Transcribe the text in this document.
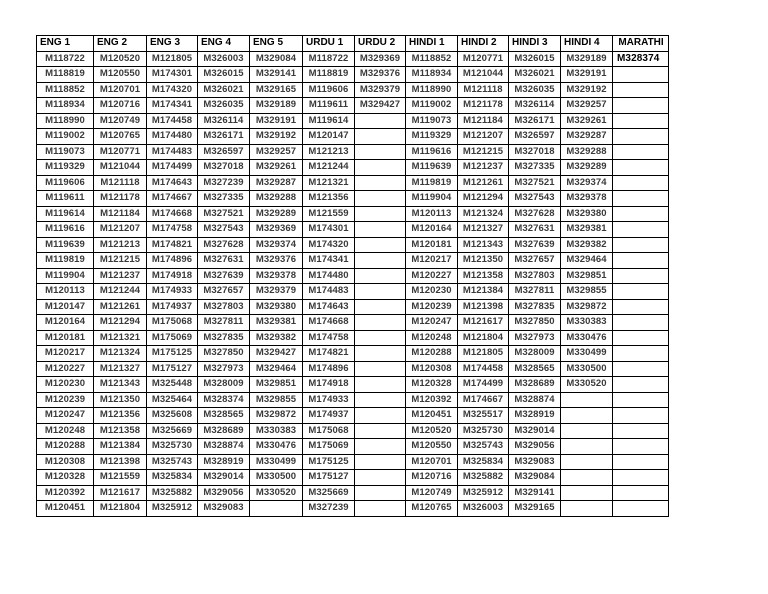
ENG 1	ENG 2	ENG 3	ENG 4	ENG 5	URDU 1	URDU 2	HINDI 1	HINDI 2	HINDI 3	HINDI 4	MARATHI
M118722	M120520	M121805	M326003	M329084	M118722	M329369	M118852	M120771	M326015	M329189	M328374
M118819	M120550	M174301	M326015	M329141	M118819	M329376	M118934	M121044	M326021	M329191	
M118852	M120701	M174320	M326021	M329165	M119606	M329379	M118990	M121118	M326035	M329192	
M118934	M120716	M174341	M326035	M329189	M119611	M329427	M119002	M121178	M326114	M329257	
M118990	M120749	M174458	M326114	M329191	M119614		M119073	M121184	M326171	M329261	
M119002	M120765	M174480	M326171	M329192	M120147		M119329	M121207	M326597	M329287	
M119073	M120771	M174483	M326597	M329257	M121213		M119616	M121215	M327018	M329288	
M119329	M121044	M174499	M327018	M329261	M121244		M119639	M121237	M327335	M329289	
M119606	M121118	M174643	M327239	M329287	M121321		M119819	M121261	M327521	M329374	
M119611	M121178	M174667	M327335	M329288	M121356		M119904	M121294	M327543	M329378	
M119614	M121184	M174668	M327521	M329289	M121559		M120113	M121324	M327628	M329380	
M119616	M121207	M174758	M327543	M329369	M174301		M120164	M121327	M327631	M329381	
M119639	M121213	M174821	M327628	M329374	M174320		M120181	M121343	M327639	M329382	
M119819	M121215	M174896	M327631	M329376	M174341		M120217	M121350	M327657	M329464	
M119904	M121237	M174918	M327639	M329378	M174480		M120227	M121358	M327803	M329851	
M120113	M121244	M174933	M327657	M329379	M174483		M120230	M121384	M327811	M329855	
M120147	M121261	M174937	M327803	M329380	M174643		M120239	M121398	M327835	M329872	
M120164	M121294	M175068	M327811	M329381	M174668		M120247	M121617	M327850	M330383	
M120181	M121321	M175069	M327835	M329382	M174758		M120248	M121804	M327973	M330476	
M120217	M121324	M175125	M327850	M329427	M174821		M120288	M121805	M328009	M330499	
M120227	M121327	M175127	M327973	M329464	M174896		M120308	M174458	M328565	M330500	
M120230	M121343	M325448	M328009	M329851	M174918		M120328	M174499	M328689	M330520	
M120239	M121350	M325464	M328374	M329855	M174933		M120392	M174667	M328874		
M120247	M121356	M325608	M328565	M329872	M174937		M120451	M325517	M328919		
M120248	M121358	M325669	M328689	M330383	M175068		M120520	M325730	M329014		
M120288	M121384	M325730	M328874	M330476	M175069		M120550	M325743	M329056		
M120308	M121398	M325743	M328919	M330499	M175125		M120701	M325834	M329083		
M120328	M121559	M325834	M329014	M330500	M175127		M120716	M325882	M329084		
M120392	M121617	M325882	M329056	M330520	M325669		M120749	M325912	M329141		
M120451	M121804	M325912	M329083		M327239		M120765	M326003	M329165		
